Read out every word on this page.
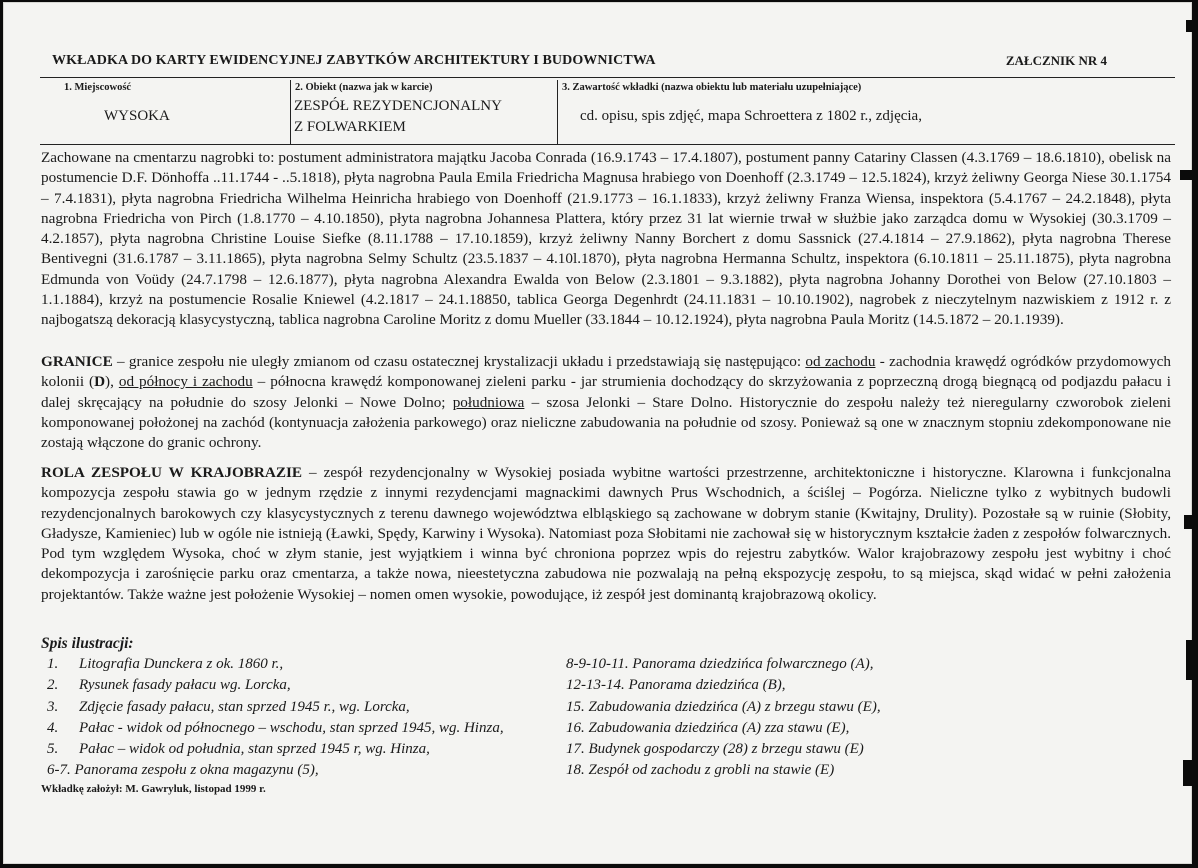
WKŁADKA DO KARTY EWIDENCYJNEJ ZABYTKÓW ARCHITEKTURY I BUDOWNICTWA	ZAŁCZNIK NR 4
1. Miejscowość
WYSOKA
2. Obiekt (nazwa jak w karcie)
ZESPÓŁ REZYDENCJONALNY
Z FOLWARKIEM
3. Zawartość wkładki (nazwa obiektu lub materiału uzupełniające)
cd. opisu, spis zdjęć, mapa Schroettera z 1802 r., zdjęcia,
Zachowane na cmentarzu nagrobki to: postument administratora majątku Jacoba Conrada (16.9.1743 – 17.4.1807), postument panny Catariny Classen (4.3.1769 – 18.6.1810), obelisk na postumencie D.F. Dönhoffa ..11.1744 - ..5.1818), płyta nagrobna Paula Emila Friedricha Magnusa hrabiego von Doenhoff (2.3.1749 – 12.5.1824), krzyż żeliwny Georga Niese 30.1.1754 – 7.4.1831), płyta nagrobna Friedricha Wilhelma Heinricha hrabiego von Doenhoff (21.9.1773 – 16.1.1833), krzyż żeliwny Franza Wiensa, inspektora (5.4.1767 – 24.2.1848), płyta nagrobna Friedricha von Pirch (1.8.1770 – 4.10.1850), płyta nagrobna Johannesa Plattera, który przez 31 lat wiernie trwał w służbie jako zarządca domu w Wysokiej (30.3.1709 – 4.2.1857), płyta nagrobna Christine Louise Siefke (8.11.1788 – 17.10.1859), krzyż żeliwny Nanny Borchert z domu Sassnick (27.4.1814 – 27.9.1862), płyta nagrobna Therese Bentivegni (31.6.1787 – 3.11.1865), płyta nagrobna Selmy Schultz (23.5.1837 – 4.10l.1870), płyta nagrobna Hermanna Schultz, inspektora (6.10.1811 – 25.11.1875), płyta nagrobna Edmunda von Voüdy (24.7.1798 – 12.6.1877), płyta nagrobna Alexandra Ewalda von Below (2.3.1801 – 9.3.1882), płyta nagrobna Johanny Dorothei von Below (27.10.1803 – 1.1.1884), krzyż na postumencie Rosalie Kniewel (4.2.1817 – 24.1.18850, tablica Georga Degenhrdt (24.11.1831 – 10.10.1902), nagrobek z nieczytelnym nazwiskiem z 1912 r. z najbogatszą dekoracją klasycystyczną, tablica nagrobna Caroline Moritz z domu Mueller (33.1844 – 10.12.1924), płyta nagrobna Paula Moritz (14.5.1872 – 20.1.1939).
GRANICE – granice zespołu nie uległy zmianom od czasu ostatecznej krystalizacji układu i przedstawiają się następująco: od zachodu - zachodnia krawędź ogródków przydomowych kolonii (D), od północy i zachodu – północna krawędź komponowanej zieleni parku - jar strumienia dochodzący do skrzyżowania z poprzeczną drogą biegnącą od podjazdu pałacu i dalej skręcający na południe do szosy Jelonki – Nowe Dolno; południowa – szosa Jelonki – Stare Dolno. Historycznie do zespołu należy też nieregularny czworobok zieleni komponowanej położonej na zachód (kontynuacja założenia parkowego) oraz nieliczne zabudowania na południe od szosy. Ponieważ są one w znacznym stopniu zdekomponowane nie zostają włączone do granic ochrony.
ROLA ZESPOŁU W KRAJOBRAZIE – zespół rezydencjonalny w Wysokiej posiada wybitne wartości przestrzenne, architektoniczne i historyczne. Klarowna i funkcjonalna kompozycja zespołu stawia go w jednym rzędzie z innymi rezydencjami magnackimi dawnych Prus Wschodnich, a ściślej – Pogórza. Nieliczne tylko z wybitnych budowli rezydencjonalnych barokowych czy klasycystycznych z terenu dawnego województwa elbląskiego są zachowane w dobrym stanie (Kwitajny, Drulity). Pozostałe są w ruinie (Słobity, Gładysze, Kamieniec) lub w ogóle nie istnieją (Ławki, Spędy, Karwiny i Wysoka). Natomiast poza Słobitami nie zachował się w historycznym kształcie żaden z zespołów folwarcznych. Pod tym względem Wysoka, choć w złym stanie, jest wyjątkiem i winna być chroniona poprzez wpis do rejestru zabytków. Walor krajobrazowy zespołu jest wybitny i choć dekompozycja i zarośnięcie parku oraz cmentarza, a także nowa, nieestetyczna zabudowa nie pozwalają na pełną ekspozycję zespołu, to są miejsca, skąd widać w pełni założenia projektantów. Także ważne jest położenie Wysokiej – nomen omen wysokie, powodujące, iż zespół jest dominantą krajobrazową okolicy.
Spis ilustracji:
1. Litografia Dunckera z ok. 1860 r.,
2. Rysunek fasady pałacu wg. Lorcka,
3. Zdjęcie fasady pałacu, stan sprzed 1945 r., wg. Lorcka,
4. Pałac - widok od północnego – wschodu, stan sprzed 1945, wg. Hinza,
5. Pałac – widok od południa, stan sprzed 1945 r, wg. Hinza,
6-7. Panorama zespołu z okna magazynu (5),
8-9-10-11. Panorama dziedzińca folwarcznego (A),
12-13-14. Panorama dziedzińca (B),
15. Zabudowania dziedzińca (A) z brzegu stawu (E),
16. Zabudowania dziedzińca (A) zza stawu (E),
17. Budynek gospodarczy (28) z brzegu stawu (E)
18. Zespół od zachodu z grobli na stawie (E)
Wkładkę założył: M. Gawryluk, listopad 1999 r.
